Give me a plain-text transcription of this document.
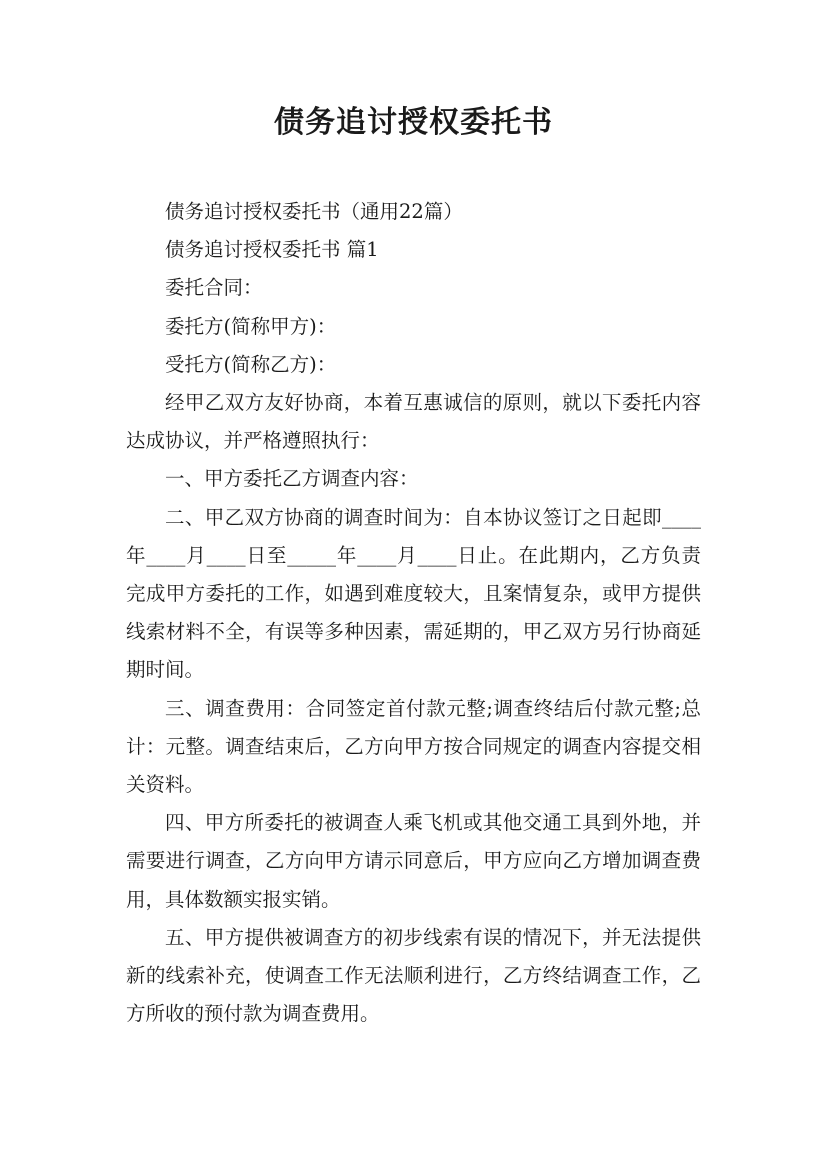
债务追讨授权委托书

债务追讨授权委托书（通用22篇）

债务追讨授权委托书 篇1

委托合同：

委托方(简称甲方)：

受托方(简称乙方)：

经甲乙双方友好协商，本着互惠诚信的原则，就以下委托内容达成协议，并严格遵照执行：

一、甲方委托乙方调查内容：

二、甲乙双方协商的调查时间为：自本协议签订之日起即____年____月____日至_____年____月____日止。在此期内，乙方负责完成甲方委托的工作，如遇到难度较大，且案情复杂，或甲方提供线索材料不全，有误等多种因素，需延期的，甲乙双方另行协商延期时间。

三、调查费用：合同签定首付款元整;调查终结后付款元整;总计：元整。调查结束后，乙方向甲方按合同规定的调查内容提交相关资料。

四、甲方所委托的被调查人乘飞机或其他交通工具到外地，并需要进行调查，乙方向甲方请示同意后，甲方应向乙方增加调查费用，具体数额实报实销。

五、甲方提供被调查方的初步线索有误的情况下，并无法提供新的线索补充，使调查工作无法顺利进行，乙方终结调查工作，乙方所收的预付款为调查费用。
